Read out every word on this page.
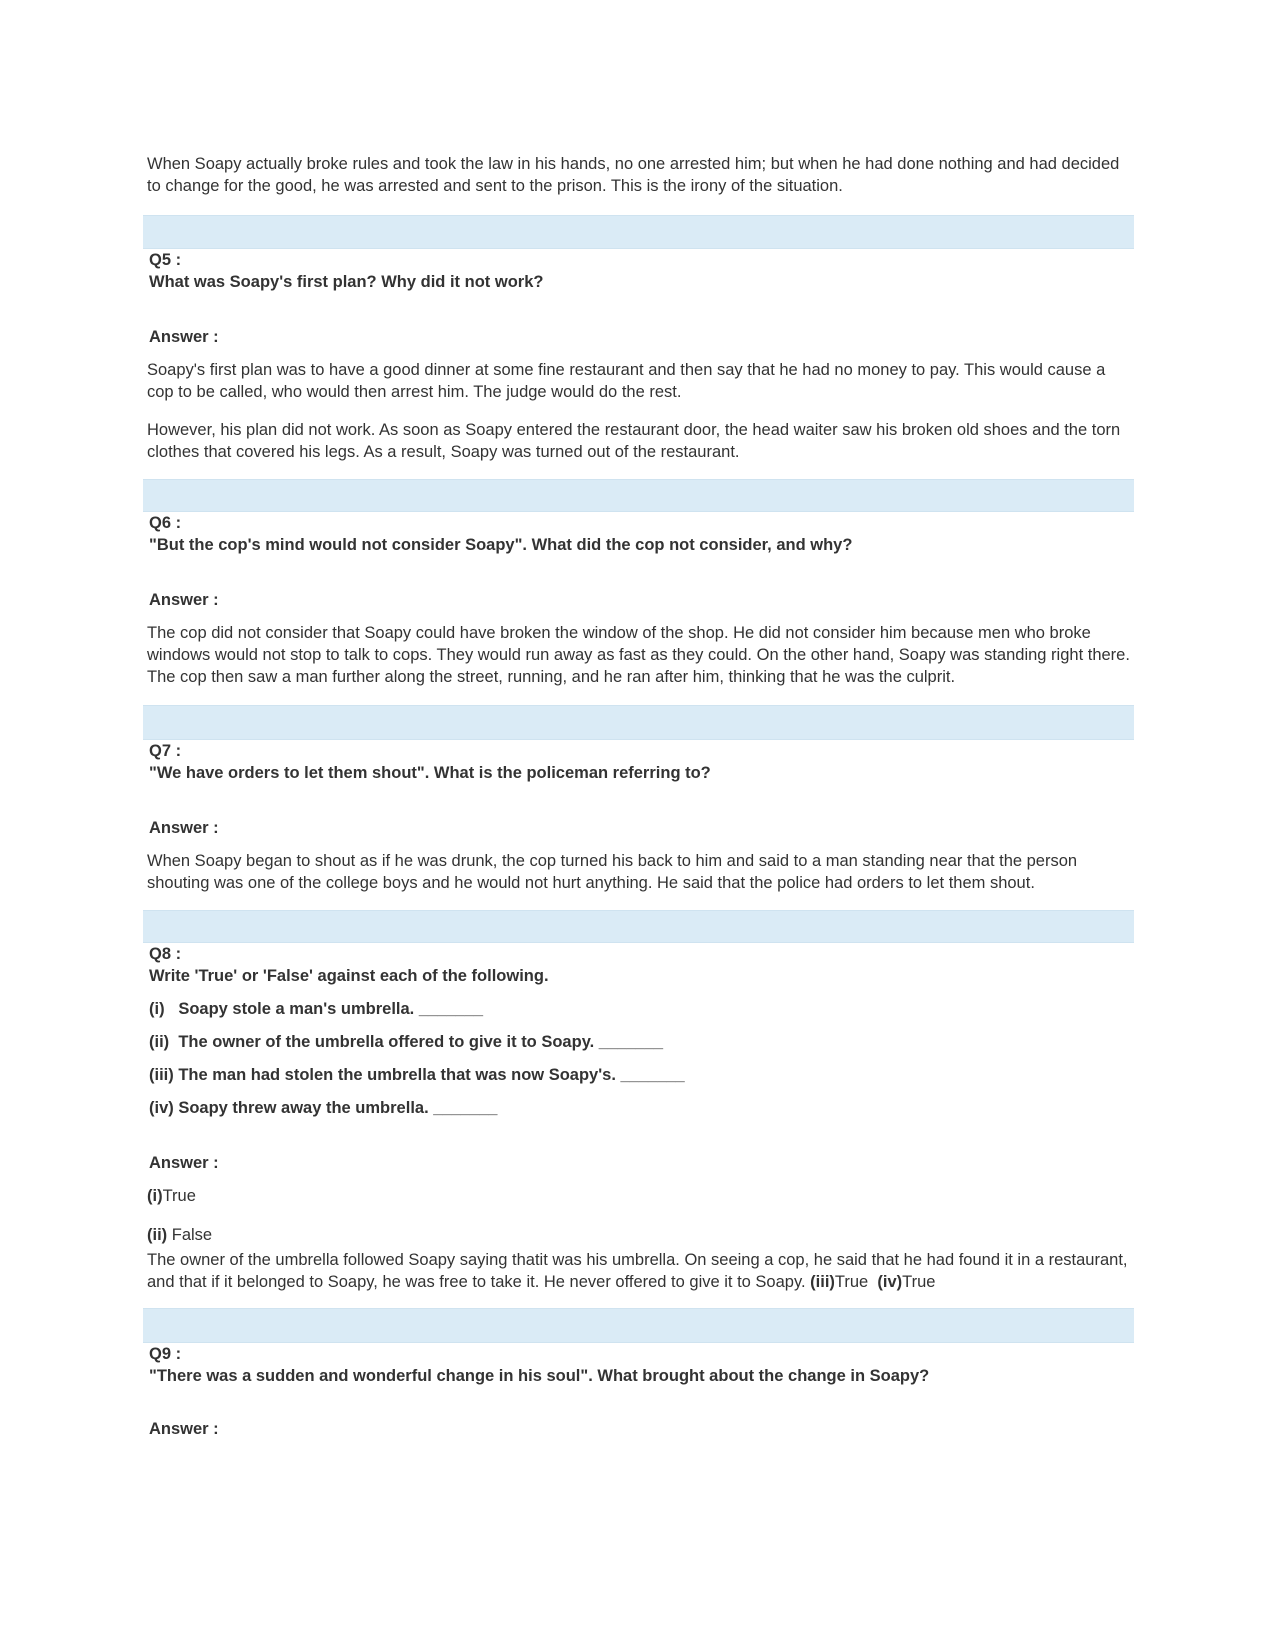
When Soapy actually broke rules and took the law in his hands, no one arrested him; but when he had done nothing and had decided to change for the good, he was arrested and sent to the prison. This is the irony of the situation.

Q5 :

What was Soapy's first plan? Why did it not work?

Answer :

Soapy's first plan was to have a good dinner at some fine restaurant and then say that he had no money to pay. This would cause a cop to be called, who would then arrest him. The judge would do the rest.

However, his plan did not work. As soon as Soapy entered the restaurant door, the head waiter saw his broken old shoes and the torn clothes that covered his legs. As a result, Soapy was turned out of the restaurant.

Q6 :

"But the cop's mind would not consider Soapy". What did the cop not consider, and why?

Answer :

The cop did not consider that Soapy could have broken the window of the shop. He did not consider him because men who broke windows would not stop to talk to cops. They would run away as fast as they could. On the other hand, Soapy was standing right there. The cop then saw a man further along the street, running, and he ran after him, thinking that he was the culprit.

Q7 :

"We have orders to let them shout". What is the policeman referring to?

Answer :

When Soapy began to shout as if he was drunk, the cop turned his back to him and said to a man standing near that the person shouting was one of the college boys and he would not hurt anything. He said that the police had orders to let them shout.

Q8 :

Write 'True' or 'False' against each of the following.

(i)   Soapy stole a man's umbrella. _______

(ii)  The owner of the umbrella offered to give it to Soapy. _______

(iii) The man had stolen the umbrella that was now Soapy's. _______

(iv) Soapy threw away the umbrella. _______

Answer :

(i)True

(ii) False

The owner of the umbrella followed Soapy saying thatit was his umbrella. On seeing a cop, he said that he had found it in a restaurant, and that if it belonged to Soapy, he was free to take it. He never offered to give it to Soapy. (iii)True  (iv)True

Q9 :

"There was a sudden and wonderful change in his soul". What brought about the change in Soapy?

Answer :
